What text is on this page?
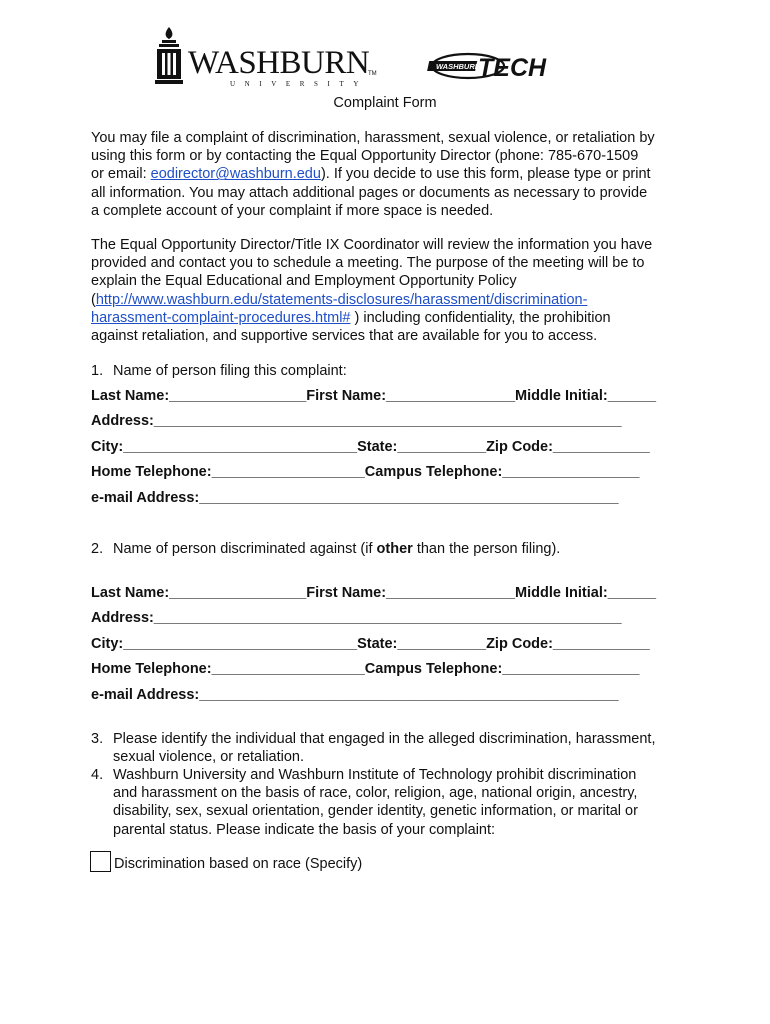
WASHBURN
TM
UNIVERSITY
WASHBURN
TECH
Complaint Form
You may file a complaint of discrimination, harassment, sexual violence, or retaliation by
using this form or by contacting the Equal Opportunity Director (phone: 785-670-1509
or email: eodirector@washburn.edu). If you decide to use this form, please type or print
all information. You may attach additional pages or documents as necessary to provide
a complete account of your complaint if more space is needed.
The Equal Opportunity Director/Title IX Coordinator will review the information you have
provided and contact you to schedule a meeting. The purpose of the meeting will be to
explain the Equal Educational and Employment Opportunity Policy
(http://www.washburn.edu/statements-disclosures/harassment/discrimination-
harassment-complaint-procedures.html# ) including confidentiality, the prohibition
against retaliation, and supportive services that are available for you to access.
1. Name of person filing this complaint:
Last Name:_________________First Name:________________Middle Initial:______
Address:__________________________________________________________
City:_____________________________State:___________Zip Code:____________
Home Telephone:___________________Campus Telephone:_________________
e-mail Address:____________________________________________________
2. Name of person discriminated against (if other than the person filing).
Last Name:_________________First Name:________________Middle Initial:______
Address:__________________________________________________________
City:_____________________________State:___________Zip Code:____________
Home Telephone:___________________Campus Telephone:_________________
e-mail Address:____________________________________________________
3. Please identify the individual that engaged in the alleged discrimination, harassment,
sexual violence, or retaliation.
4. Washburn University and Washburn Institute of Technology prohibit discrimination
and harassment on the basis of race, color, religion, age, national origin, ancestry,
disability, sex, sexual orientation, gender identity, genetic information, or marital or
parental status. Please indicate the basis of your complaint:
Discrimination based on race (Specify)
